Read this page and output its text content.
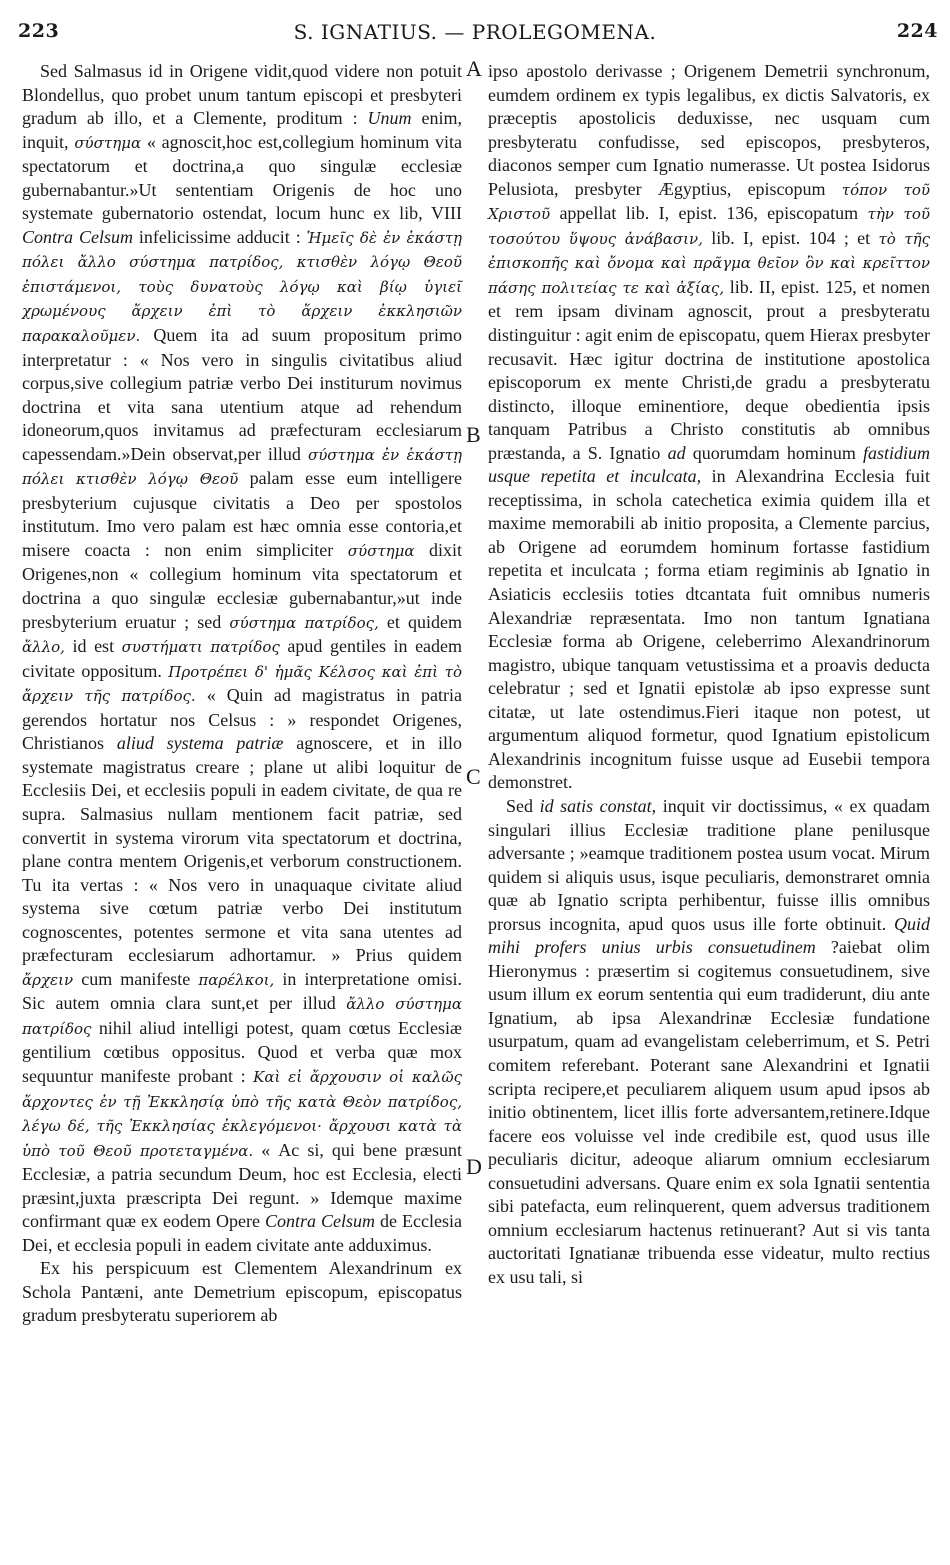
223	S. IGNATIUS. — PROLEGOMENA.	224
A
B
C
D

Sed Salmasus id in Origene vidit,quod videre non potuit Blondellus, quo probet unum tantum episcopi et presbyteri gradum ab illo, et a Clemente, proditum : Unum enim, inquit, σύστημα « agnoscit,hoc est,collegium hominum vita spectatorum et doctrina,a quo singulæ ecclesiæ gubernabantur.»Ut sententiam Origenis de hoc uno systemate gubernatorio ostendat, locum hunc ex lib, VIII Contra Celsum infelicissime adducit : Ἡμεῖς δὲ ἐν ἑκάστῃ πόλει ἄλλο σύστημα πατρίδος, κτισθὲν λόγῳ Θεοῦ ἐπιστάμενοι, τοὺς δυνατοὺς λόγῳ καὶ βίῳ ὑγιεῖ χρωμένους ἄρχειν ἐπὶ τὸ ἄρχειν ἐκκλησιῶν παρακαλοῦμεν. Quem ita ad suum propositum primo interpretatur : « Nos vero in singulis civitatibus aliud corpus,sive collegium patriæ verbo Dei institurum novimus doctrina et vita sana utentium atque ad rehendum idoneorum,quos invitamus ad præfecturam ecclesiarum capessendam.»Dein observat,per illud σύστημα ἐν ἑκάστῃ πόλει κτισθὲν λόγῳ Θεοῦ palam esse eum intelligere presbyterium cujusque civitatis a Deo per spostolos institutum. Imo vero palam est hæc omnia esse contoria,et misere coacta : non enim simpliciter σύστημα dixit Origenes,non « collegium hominum vita spectatorum et doctrina a quo singulæ ecclesiæ gubernabantur,»ut inde presbyterium eruatur ; sed σύστημα πατρίδος, et quidem ἄλλο, id est συστήματι πατρίδος apud gentiles in eadem civitate oppositum. Προτρέπει δ' ἡμᾶς Κέλσος καὶ ἐπὶ τὸ ἄρχειν τῆς πατρίδος. « Quin ad magistratus in patria gerendos hortatur nos Celsus : » respondet Origenes, Christianos aliud systema patriæ agnoscere, et in illo systemate magistratus creare ; plane ut alibi loquitur de Ecclesiis Dei, et ecclesiis populi in eadem civitate, de qua re supra. Salmasius nullam mentionem facit patriæ, sed convertit in systema virorum vita spectatorum et doctrina, plane contra mentem Origenis,et verborum constructionem. Tu ita vertas : « Nos vero in unaquaque civitate aliud systema sive cœtum patriæ verbo Dei institutum cognoscentes, potentes sermone et vita sana utentes ad præfecturam ecclesiarum adhortamur. » Prius quidem ἄρχειν cum manifeste παρέλκοι, in interpretatione omisi. Sic autem omnia clara sunt,et per illud ἄλλο σύστημα πατρίδος nihil aliud intelligi potest, quam cœtus Ecclesiæ gentilium cœtibus oppositus. Quod et verba quæ mox sequuntur manifeste probant : Καὶ εἰ ἄρχουσιν οἱ καλῶς ἄρχοντες ἐν τῇ Ἐκκλησίᾳ ὑπὸ τῆς κατὰ Θεὸν πατρίδος, λέγω δέ, τῆς Ἐκκλησίας ἐκλεγόμενοι· ἄρχουσι κατὰ τὰ ὑπὸ τοῦ Θεοῦ προτεταγμένα. « Ac si, qui bene præsunt Ecclesiæ, a patria secundum Deum, hoc est Ecclesia, electi præsint,juxta præscripta Dei regunt. » Idemque maxime confirmant quæ ex eodem Opere Contra Celsum de Ecclesia Dei, et ecclesia populi in eadem civitate ante adduximus.

Ex his perspicuum est Clementem Alexandrinum ex Schola Pantæni, ante Demetrium episcopum, episcopatus gradum presbyteratu superiorem ab

ipso apostolo derivasse ; Origenem Demetrii synchronum, eumdem ordinem ex typis legalibus, ex dictis Salvatoris, ex præceptis apostolicis deduxisse, nec usquam cum presbyteratu confudisse, sed episcopos, presbyteros, diaconos semper cum Ignatio numerasse. Ut postea Isidorus Pelusiota, presbyter Ægyptius, episcopum τόπον τοῦ Χριστοῦ appellat lib. I, epist. 136, episcopatum τὴν τοῦ τοσούτου ὕψους ἀνάβασιν, lib. I, epist. 104 ; et τὸ τῆς ἐπισκοπῆς καὶ ὄνομα καὶ πρᾶγμα θεῖον ὂν καὶ κρεῖττον πάσης πολιτείας τε καὶ ἀξίας, lib. II, epist. 125, et nomen et rem ipsam divinam agnoscit, prout a presbyteratu distinguitur : agit enim de episcopatu, quem Hierax presbyter recusavit. Hæc igitur doctrina de institutione apostolica episcoporum ex mente Christi,de gradu a presbyteratu distincto, illoque eminentiore, deque obedientia ipsis tanquam Patribus a Christo constitutis ab omnibus præstanda, a S. Ignatio ad quorumdam hominum fastidium usque repetita et inculcata, in Alexandrina Ecclesia fuit receptissima, in schola catechetica eximia quidem illa et maxime memorabili ab initio proposita, a Clemente parcius, ab Origene ad eorumdem hominum fortasse fastidium repetita et inculcata ; forma etiam regiminis ab Ignatio in Asiaticis ecclesiis toties dtcantata fuit omnibus numeris Alexandriæ repræsentata. Imo non tantum Ignatiana Ecclesiæ forma ab Origene, celeberrimo Alexandrinorum magistro, ubique tanquam vetustissima et a proavis deducta celebratur ; sed et Ignatii epistolæ ab ipso expresse sunt citatæ, ut late ostendimus.Fieri itaque non potest, ut argumentum aliquod formetur, quod Ignatium epistolicum Alexandrinis incognitum fuisse usque ad Eusebii tempora demonstret.

Sed id satis constat, inquit vir doctissimus, « ex quadam singulari illius Ecclesiæ traditione plane penilusque adversante ; »eamque traditionem postea usum vocat. Mirum quidem si aliquis usus, isque peculiaris, demonstraret omnia quæ ab Ignatio scripta perhibentur, fuisse illis omnibus prorsus incognita, apud quos usus ille forte obtinuit. Quid mihi profers unius urbis consuetudinem ?aiebat olim Hieronymus : præsertim si cogitemus consuetudinem, sive usum illum ex eorum sententia qui eum tradiderunt, diu ante Ignatium, ab ipsa Alexandrinæ Ecclesiæ fundatione usurpatum, quam ad evangelistam celeberrimum, et S. Petri comitem referebant. Poterant sane Alexandrini et Ignatii scripta recipere,et peculiarem aliquem usum apud ipsos ab initio obtinentem, licet illis forte adversantem,retinere.Idque facere eos voluisse vel inde credibile est, quod usus ille peculiaris dicitur, adeoque aliarum omnium ecclesiarum consuetudini adversans. Quare enim ex sola Ignatii sententia sibi patefacta, eum relinquerent, quem adversus traditionem omnium ecclesiarum hactenus retinuerant? Aut si vis tanta auctoritati Ignatianæ tribuenda esse videatur, multo rectius ex usu tali, si
